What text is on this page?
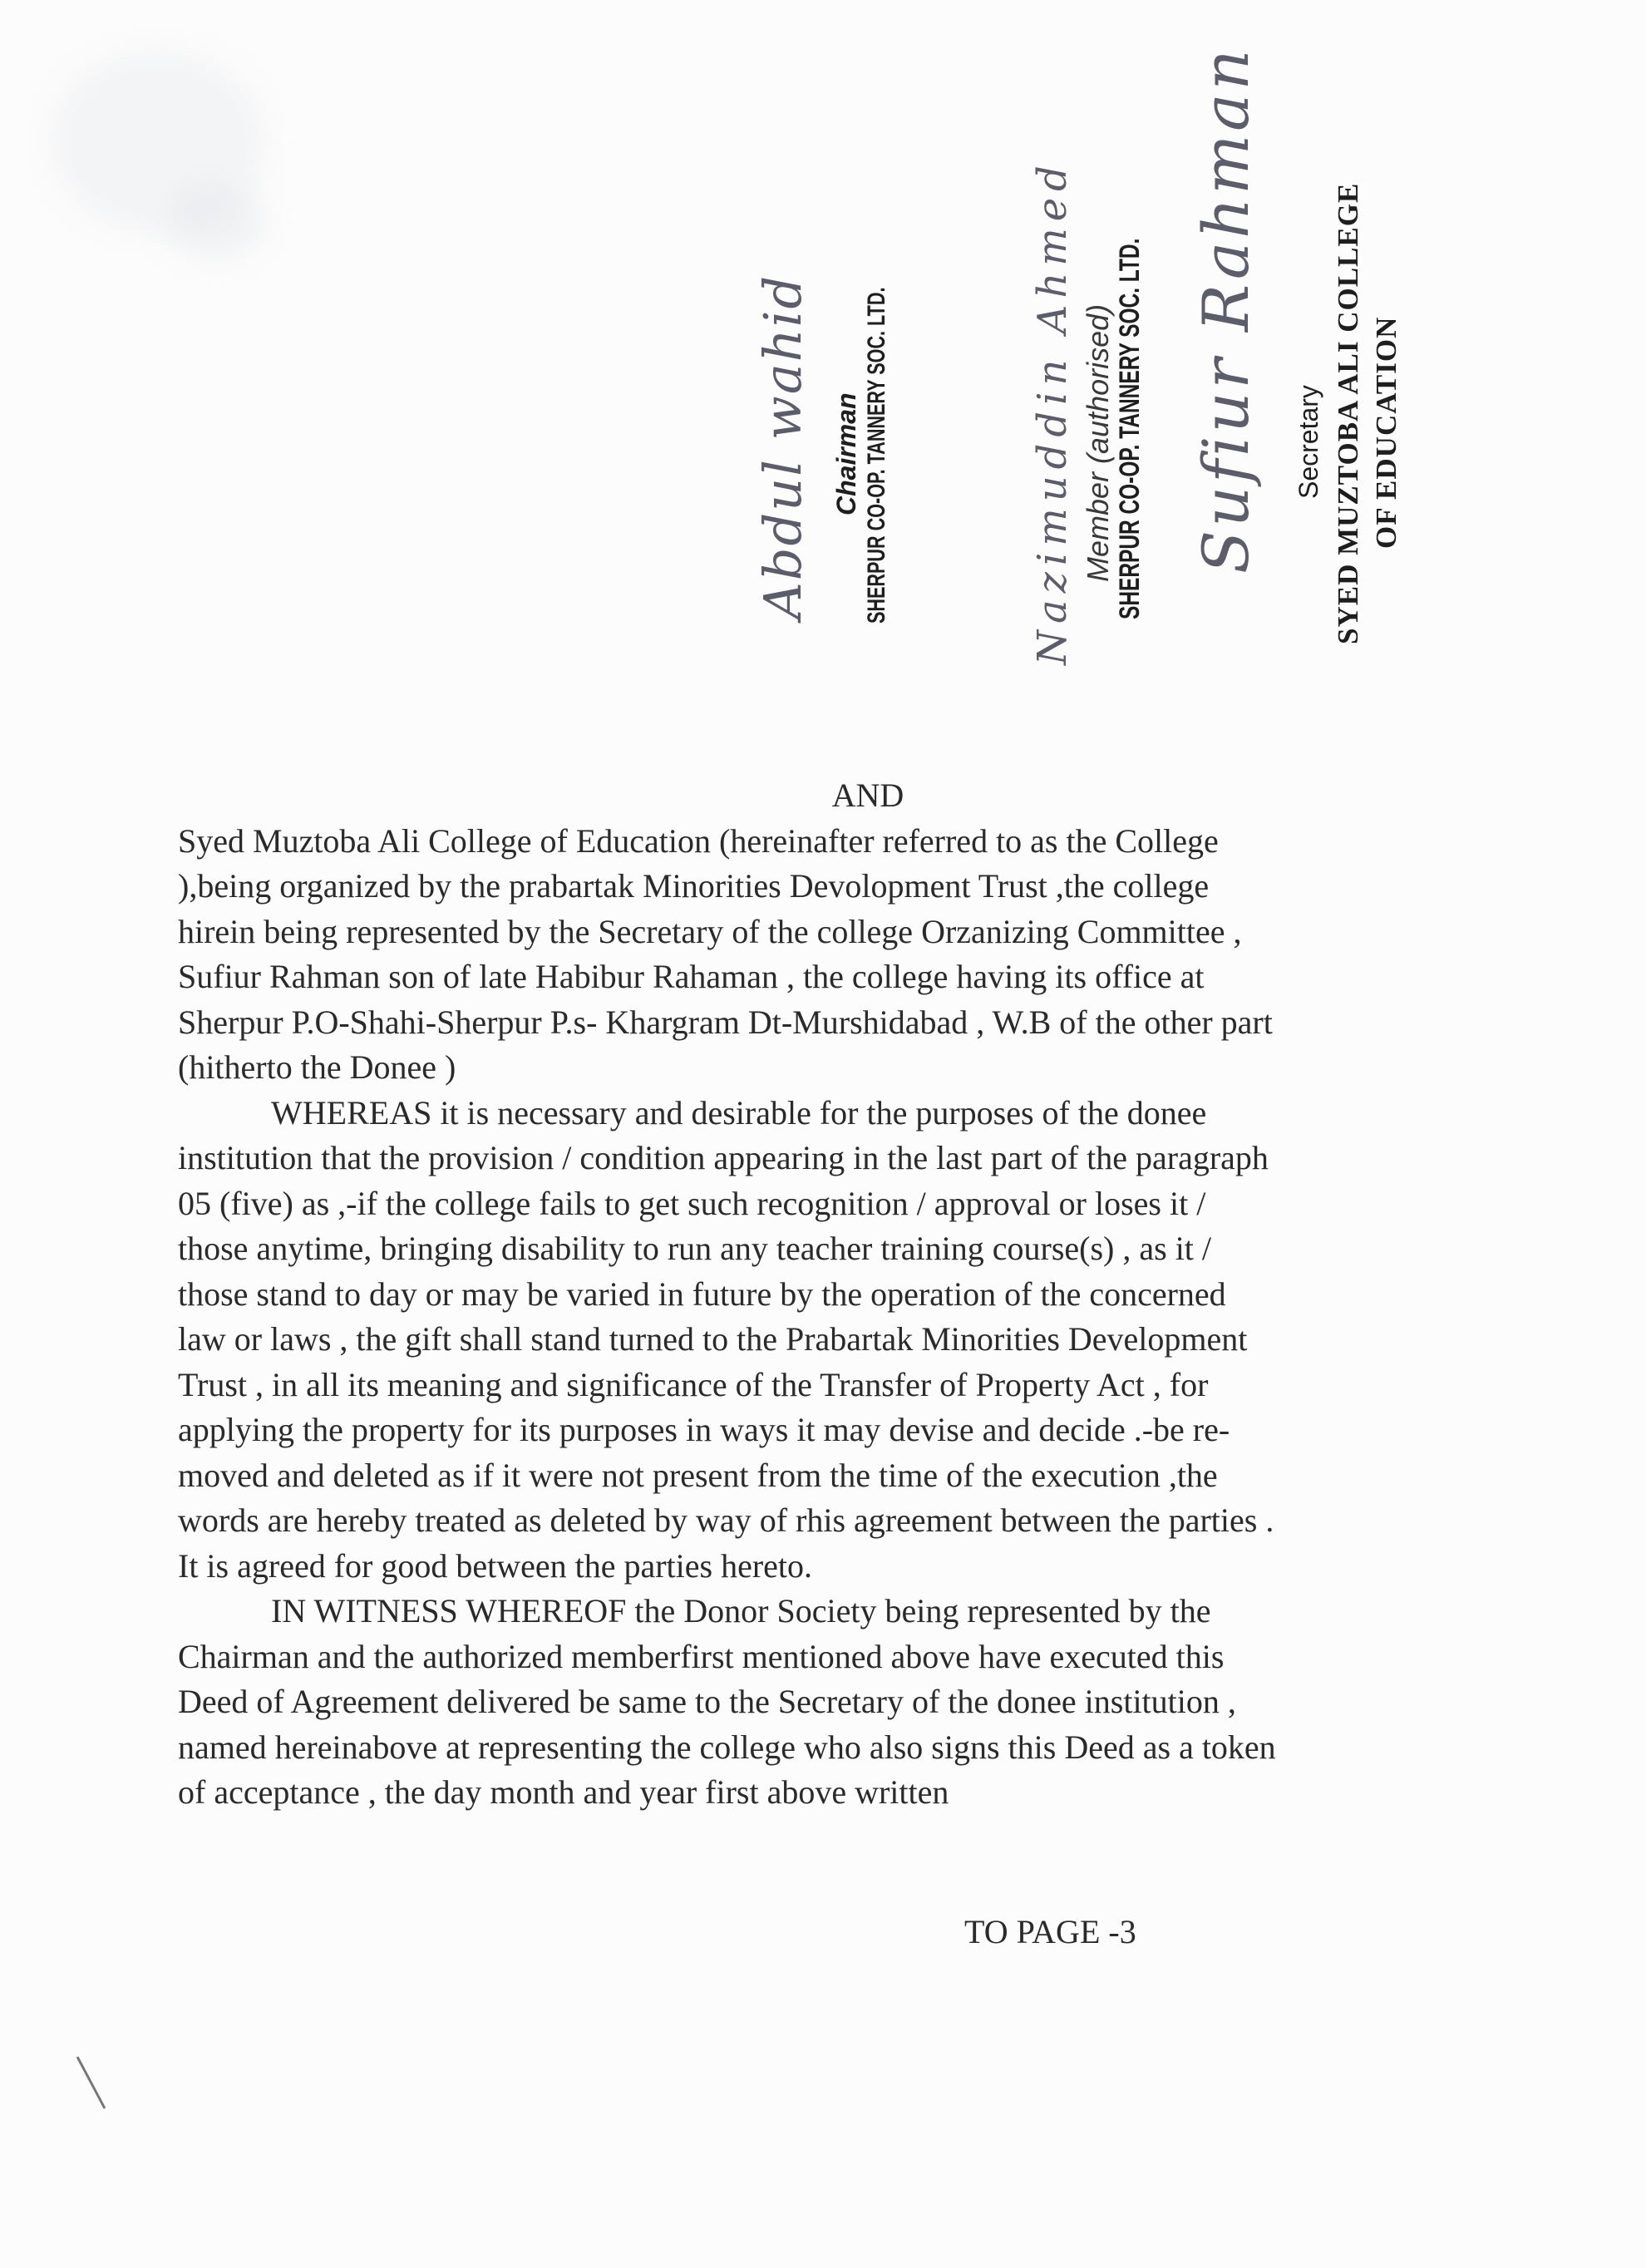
Abdul wahid Chairman SHERPUR CO-OP. TANNERY SOC. LTD.	Nazimuddin Ahmed Member (authorised) SHERPUR CO-OP. TANNERY SOC. LTD. Sufiur Rahman Secretary SYED MUZTOBA ALI COLLEGE OF EDUCATION

AND

Syed Muztoba Ali College of Education (hereinafter referred to as the College
),being organized by the prabartak Minorities Devolopment Trust ,the college
hirein being represented by the Secretary of the college Orzanizing Committee ,
Sufiur Rahman son of late Habibur Rahaman , the college having its office at
Sherpur P.O-Shahi-Sherpur P.s- Khargram Dt-Murshidabad , W.B of the other part
(hitherto the Donee )

WHEREAS it is necessary and desirable for the purposes of the donee
institution that the provision / condition appearing in the last part of the paragraph
05 (five) as ,-if the college fails to get such recognition / approval or loses it /
those anytime, bringing disability to run any teacher training course(s) , as it /
those stand to day or may be varied in future by the operation of the concerned
law or laws , the gift shall stand turned to the Prabartak Minorities Development
Trust , in all its meaning and significance of the Transfer of Property Act , for
applying the property for its purposes in ways it may devise and decide .-be re-
moved and deleted as if it were not present from the time of the execution ,the
words are hereby treated as deleted by way of rhis agreement between the parties .
It is agreed for good between the parties hereto.

IN WITNESS WHEREOF the Donor Society being represented by the
Chairman and the authorized memberfirst mentioned above have executed this
Deed of Agreement delivered be same to the Secretary of the donee institution ,
named hereinabove at representing the college who also signs this Deed as a token
of acceptance , the day month and year first above written

TO PAGE -3
